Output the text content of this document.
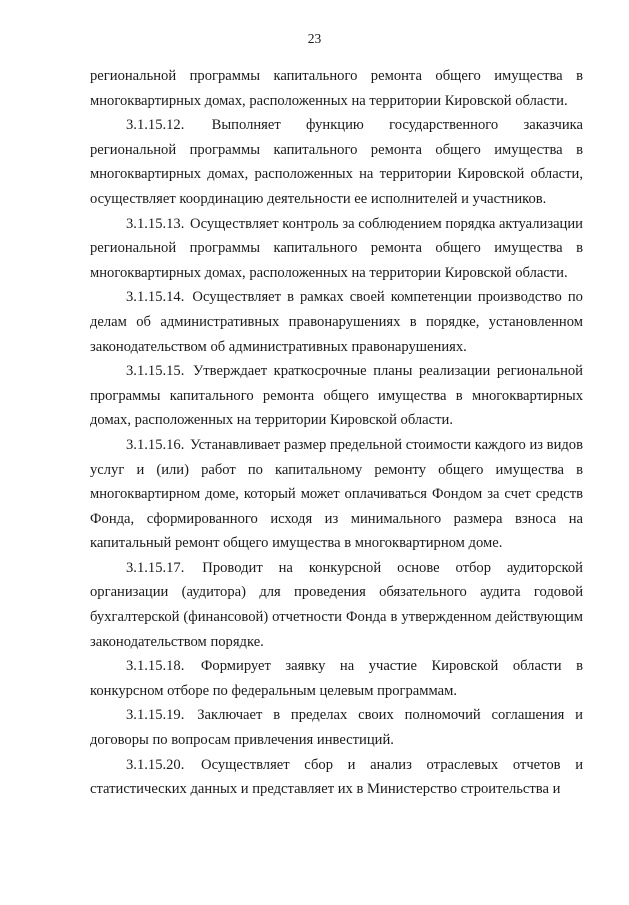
23

региональной программы капитального ремонта общего имущества в многоквартирных домах, расположенных на территории Кировской области.

3.1.15.12. Выполняет функцию государственного заказчика региональной программы капитального ремонта общего имущества в многоквартирных домах, расположенных на территории Кировской области, осуществляет координацию деятельности ее исполнителей и участников.

3.1.15.13. Осуществляет контроль за соблюдением порядка актуализации региональной программы капитального ремонта общего имущества в многоквартирных домах, расположенных на территории Кировской области.

3.1.15.14. Осуществляет в рамках своей компетенции производство по делам об административных правонарушениях в порядке, установленном законодательством об административных правонарушениях.

3.1.15.15. Утверждает краткосрочные планы реализации региональной программы капитального ремонта общего имущества в многоквартирных домах, расположенных на территории Кировской области.

3.1.15.16. Устанавливает размер предельной стоимости каждого из видов услуг и (или) работ по капитальному ремонту общего имущества в многоквартирном доме, который может оплачиваться Фондом за счет средств Фонда, сформированного исходя из минимального размера взноса на капитальный ремонт общего имущества в многоквартирном доме.

3.1.15.17. Проводит на конкурсной основе отбор аудиторской организации (аудитора) для проведения обязательного аудита годовой бухгалтерской (финансовой) отчетности Фонда в утвержденном действующим законодательством порядке.

3.1.15.18. Формирует заявку на участие Кировской области в конкурсном отборе по федеральным целевым программам.

3.1.15.19. Заключает в пределах своих полномочий соглашения и договоры по вопросам привлечения инвестиций.

3.1.15.20. Осуществляет сбор и анализ отраслевых отчетов и статистических данных и представляет их в Министерство строительства и
